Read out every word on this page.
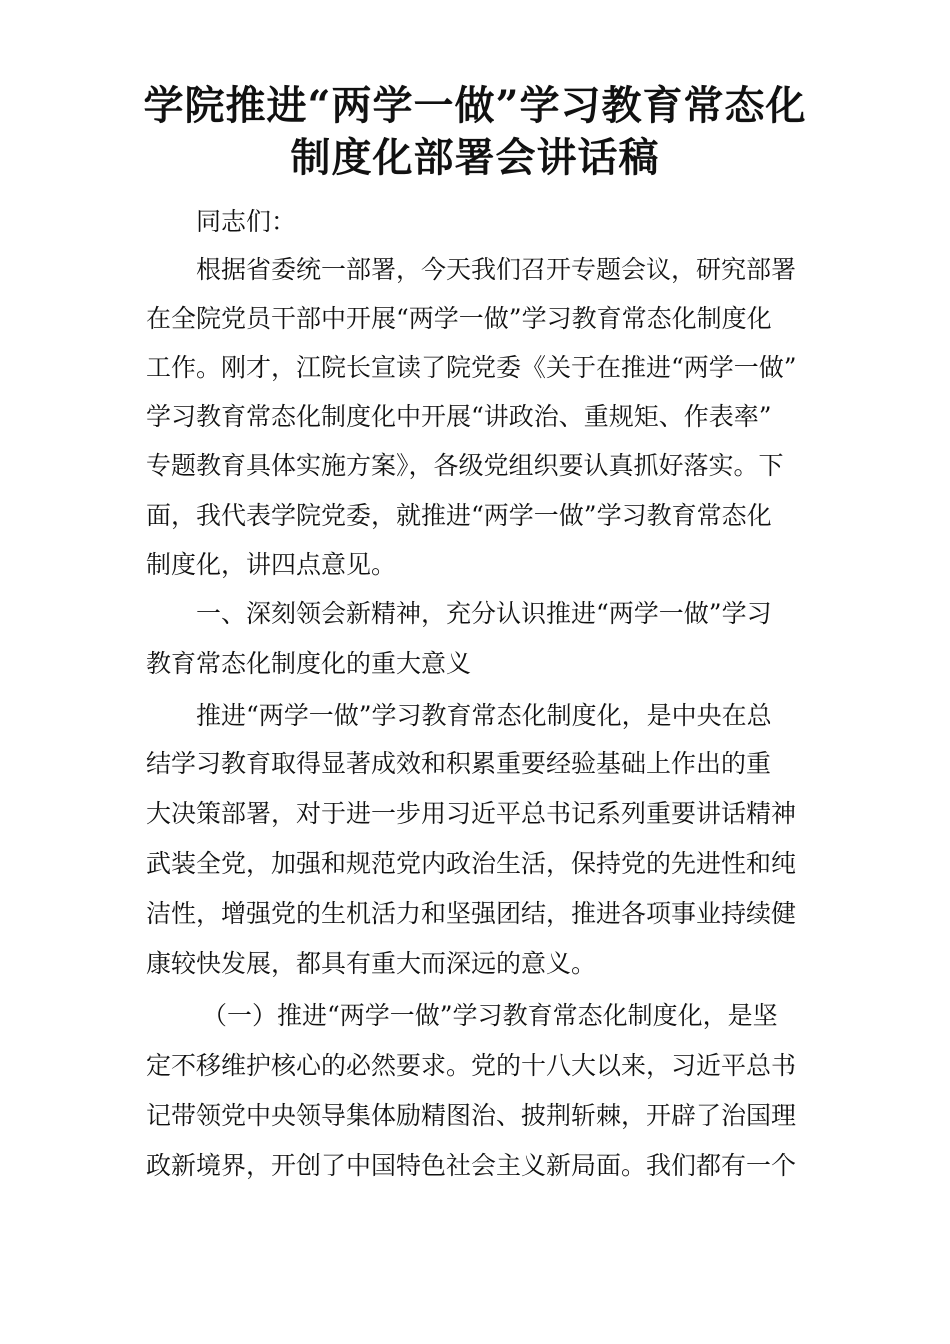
学院推进“两学一做”学习教育常态化
制度化部署会讲话稿
同志们：
根据省委统一部署，今天我们召开专题会议，研究部署
在全院党员干部中开展“两学一做”学习教育常态化制度化
工作。刚才，江院长宣读了院党委《关于在推进“两学一做”
学习教育常态化制度化中开展“讲政治、重规矩、作表率”
专题教育具体实施方案》，各级党组织要认真抓好落实。下
面，我代表学院党委，就推进“两学一做”学习教育常态化
制度化，讲四点意见。
一、深刻领会新精神，充分认识推进“两学一做”学习
教育常态化制度化的重大意义
推进“两学一做”学习教育常态化制度化，是中央在总
结学习教育取得显著成效和积累重要经验基础上作出的重
大决策部署，对于进一步用习近平总书记系列重要讲话精神
武装全党，加强和规范党内政治生活，保持党的先进性和纯
洁性，增强党的生机活力和坚强团结，推进各项事业持续健
康较快发展，都具有重大而深远的意义。
（一）推进“两学一做”学习教育常态化制度化，是坚
定不移维护核心的必然要求。党的十八大以来，习近平总书
记带领党中央领导集体励精图治、披荆斩棘，开辟了治国理
政新境界，开创了中国特色社会主义新局面。我们都有一个
